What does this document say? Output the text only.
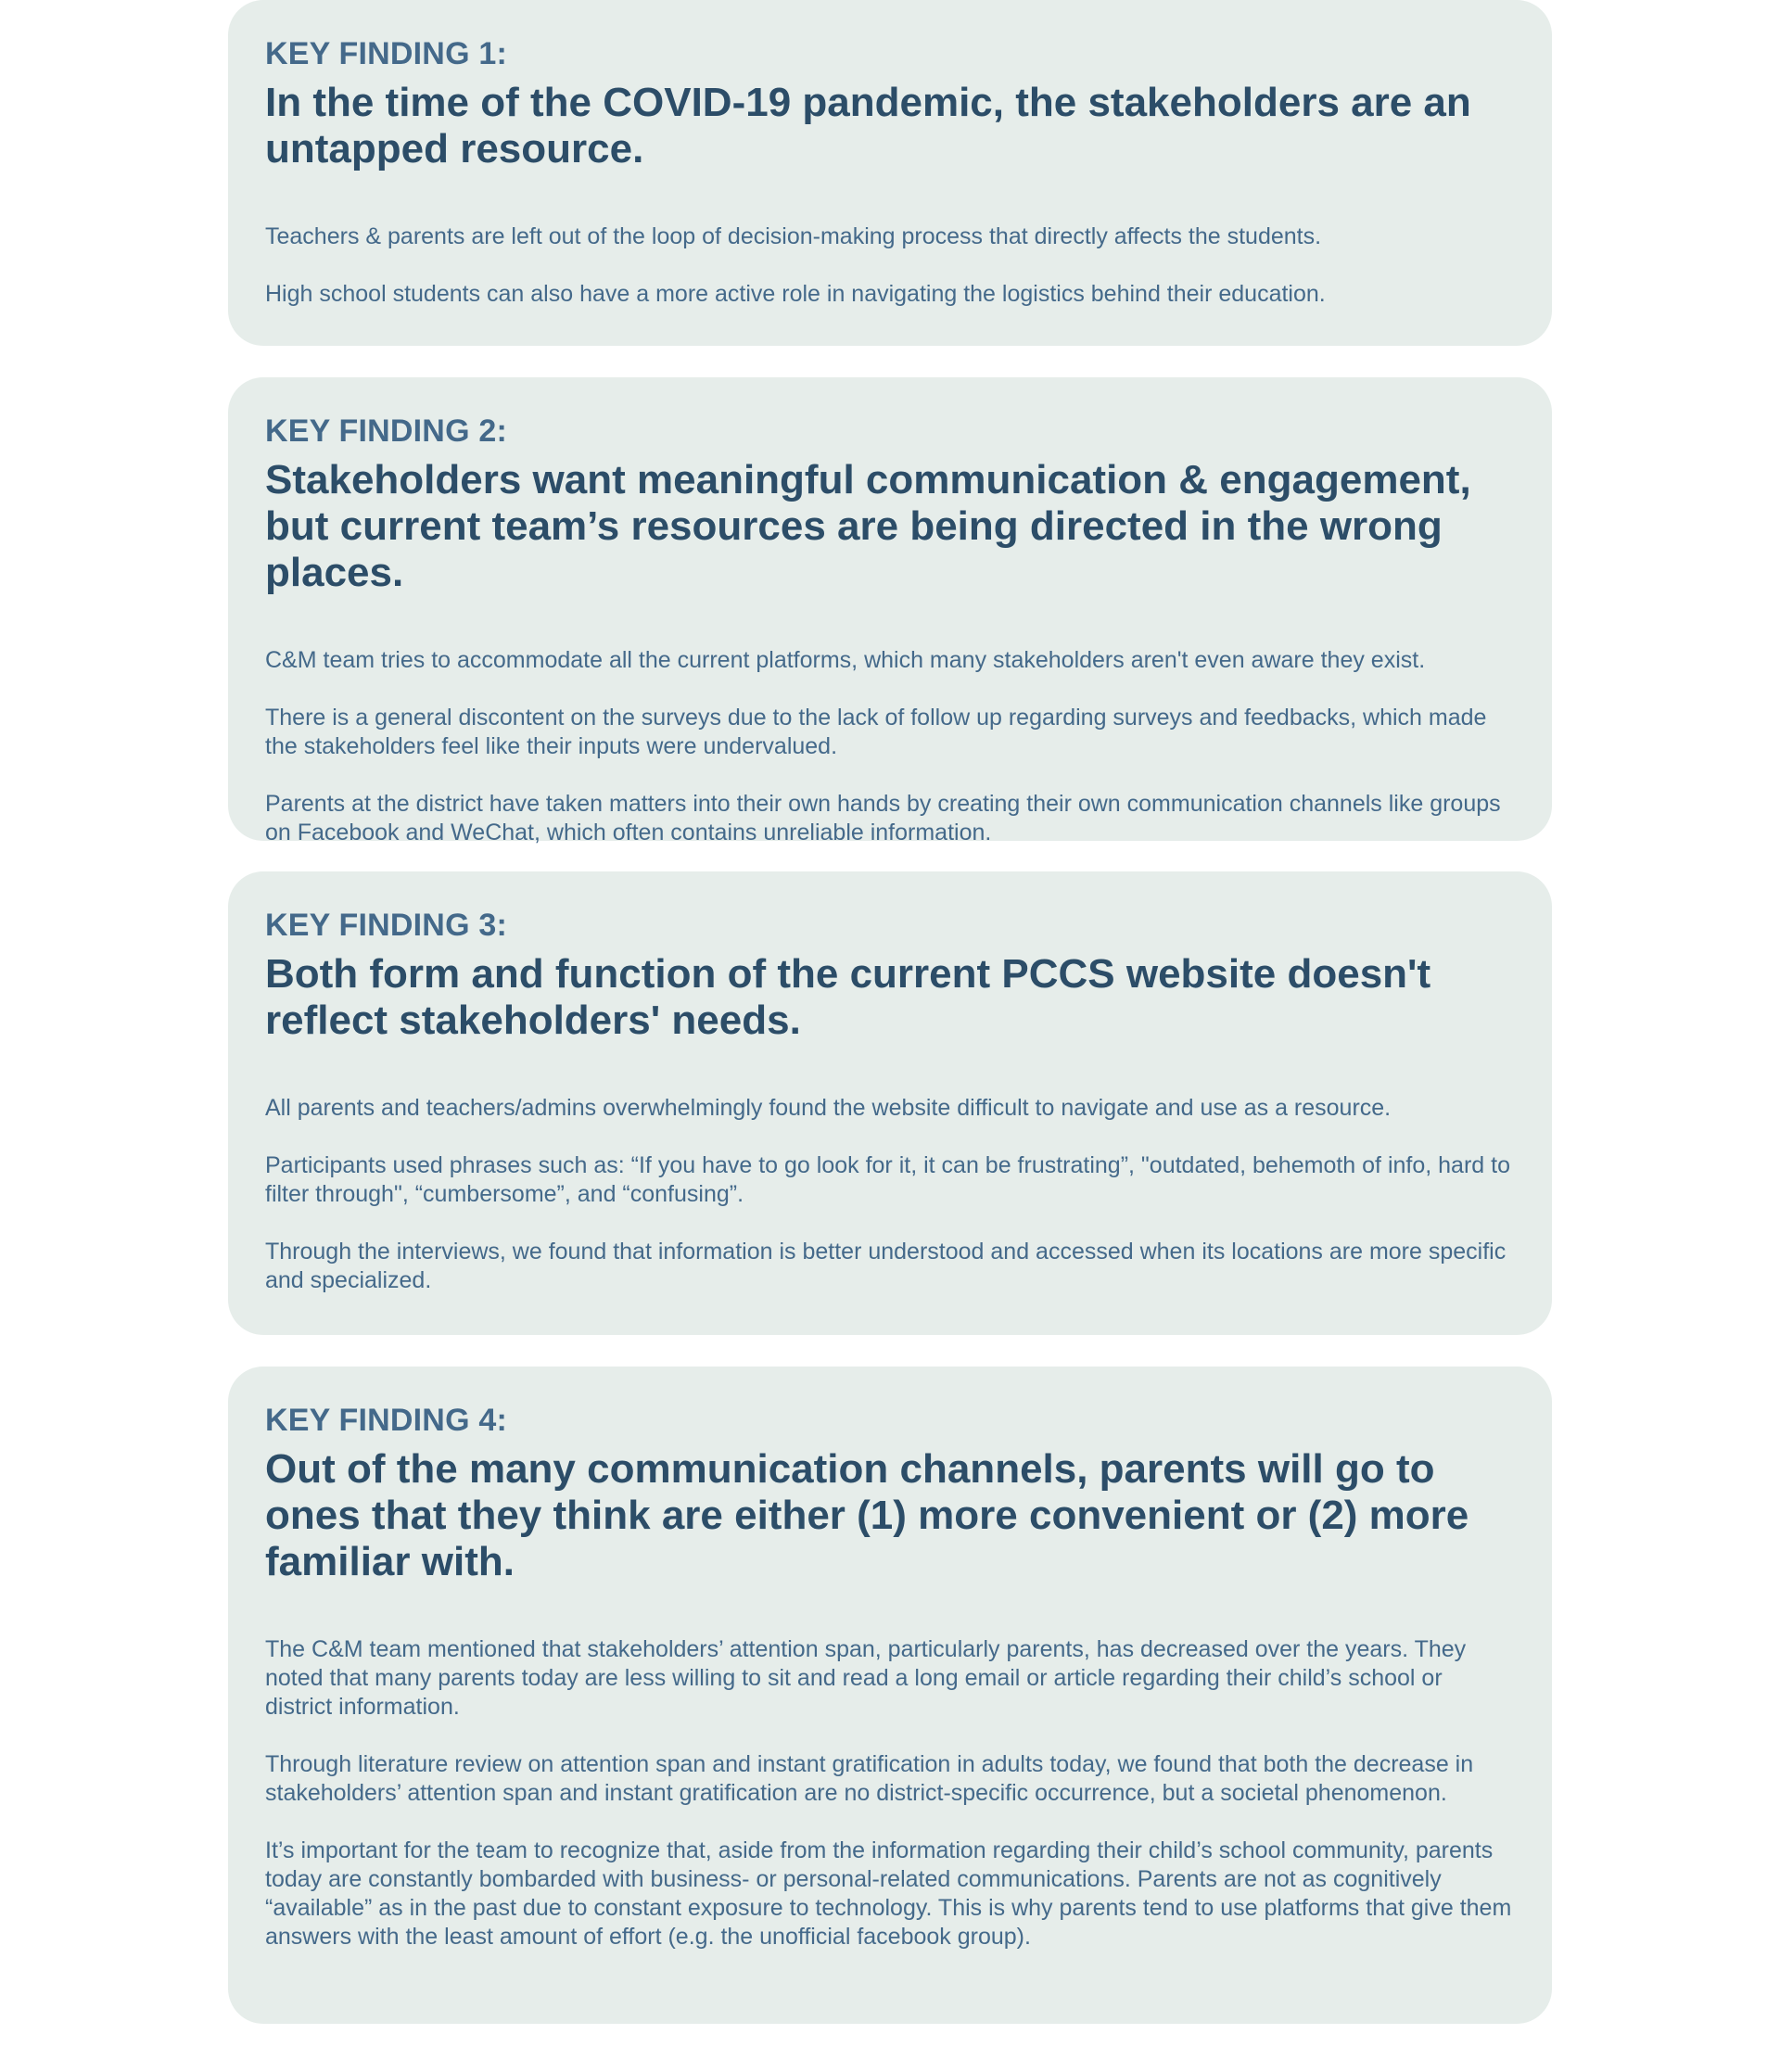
KEY FINDING 1:
In the time of the COVID-19 pandemic, the stakeholders are an untapped resource.

Teachers & parents are left out of the loop of decision-making process that directly affects the students.

High school students can also have a more active role in navigating the logistics behind their education.

KEY FINDING 2:
Stakeholders want meaningful communication & engagement, but current team’s resources are being directed in the wrong places.

C&M team tries to accommodate all the current platforms, which many stakeholders aren't even aware they exist.

There is a general discontent on the surveys due to the lack of follow up regarding surveys and feedbacks, which made the stakeholders feel like their inputs were undervalued.

Parents at the district have taken matters into their own hands by creating their own communication channels like groups on Facebook and WeChat, which often contains unreliable information.

KEY FINDING 3:
Both form and function of the current PCCS website doesn't reflect stakeholders' needs.

All parents and teachers/admins overwhelmingly found the website difficult to navigate and use as a resource.

Participants used phrases such as: “If you have to go look for it, it can be frustrating”, "outdated, behemoth of info, hard to filter through", “cumbersome”, and “confusing”.

Through the interviews, we found that information is better understood and accessed when its locations are more specific and specialized.

KEY FINDING 4:
Out of the many communication channels, parents will go to ones that they think are either (1) more convenient or (2) more familiar with.

The C&M team mentioned that stakeholders’ attention span, particularly parents, has decreased over the years. They noted that many parents today are less willing to sit and read a long email or article regarding their child’s school or district information.

Through literature review on attention span and instant gratification in adults today, we found that both the decrease in stakeholders’ attention span and instant gratification are no district-specific occurrence, but a societal phenomenon.

It’s important for the team to recognize that, aside from the information regarding their child’s school community, parents today are constantly bombarded with business- or personal-related communications. Parents are not as cognitively “available” as in the past due to constant exposure to technology. This is why parents tend to use platforms that give them answers with the least amount of effort (e.g. the unofficial facebook group).
